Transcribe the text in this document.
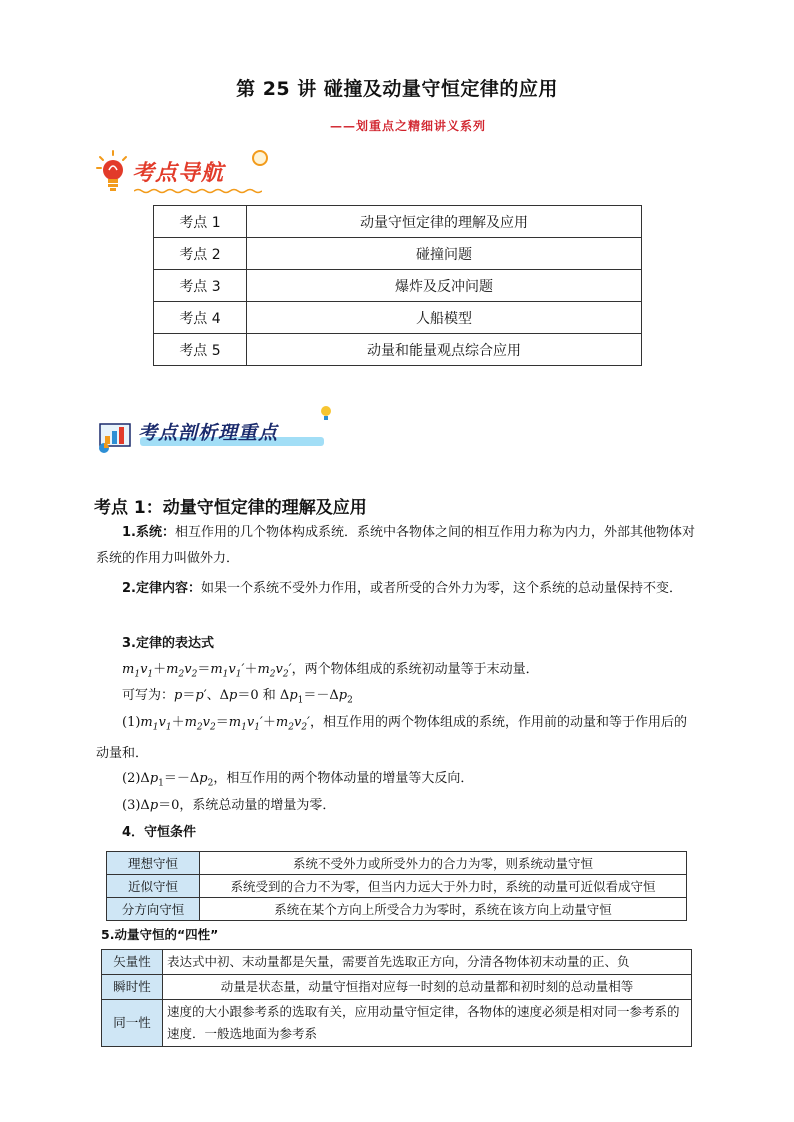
第 25 讲 碰撞及动量守恒定律的应用
——划重点之精细讲义系列
考点导航
考点 1	动量守恒定律的理解及应用
考点 2	碰撞问题
考点 3	爆炸及反冲问题
考点 4	人船模型
考点 5	动量和能量观点综合应用
考点剖析理重点
考点 1：动量守恒定律的理解及应用
1.系统：相互作用的几个物体构成系统．系统中各物体之间的相互作用力称为内力，外部其他物体对系统的作用力叫做外力．
2.定律内容：如果一个系统不受外力作用，或者所受的合外力为零，这个系统的总动量保持不变．
3.定律的表达式
$m_1v_1+m_2v_2=m_1v_1'+m_2v_2'$，两个物体组成的系统初动量等于末动量．
可写为：p＝p′、Δp＝0 和 $\Delta p_1=-\Delta p_2$
$(1)m_1v_1+m_2v_2=m_1v_1'+m_2v_2'$，相互作用的两个物体组成的系统，作用前的动量和等于作用后的动量和．
$(2)\Delta p_1=-\Delta p_2$，相互作用的两个物体动量的增量等大反向．
(3)Δp＝0，系统总动量的增量为零．
4．守恒条件
理想守恒	系统不受外力或所受外力的合力为零，则系统动量守恒
近似守恒	系统受到的合力不为零，但当内力远大于外力时，系统的动量可近似看成守恒
分方向守恒	系统在某个方向上所受合力为零时，系统在该方向上动量守恒
5.动量守恒的“四性”
矢量性	表达式中初、末动量都是矢量，需要首先选取正方向，分清各物体初末动量的正、负
瞬时性	动量是状态量，动量守恒指对应每一时刻的总动量都和初时刻的总动量相等
同一性	速度的大小跟参考系的选取有关，应用动量守恒定律，各物体的速度必须是相对同一参考系的速度．一般选地面为参考系
